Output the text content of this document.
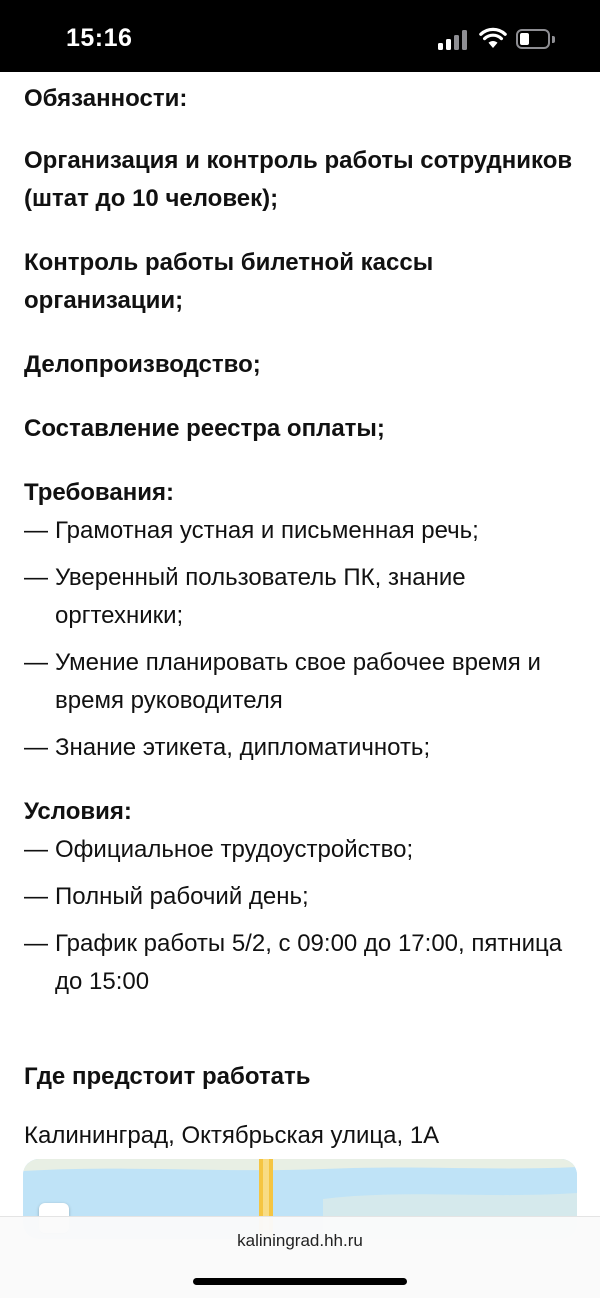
15:16

Обязанности:

Организация и контроль работы сотрудников (штат до 10 человек);

Контроль работы билетной кассы организации;

Делопроизводство;

Составление реестра оплаты;

Требования:

— Грамотная устная и письменная речь;
— Уверенный пользователь ПК, знание оргтехники;
— Умение планировать свое рабочее время и время руководителя
— Знание этикета, дипломатичноть;

Условия:

— Официальное трудоустройство;
— Полный рабочий день;
— График работы 5/2, с 09:00 до 17:00, пятница до 15:00
Где предстоит работать
Калининград, Октябрьская улица, 1А
kaliningrad.hh.ru
